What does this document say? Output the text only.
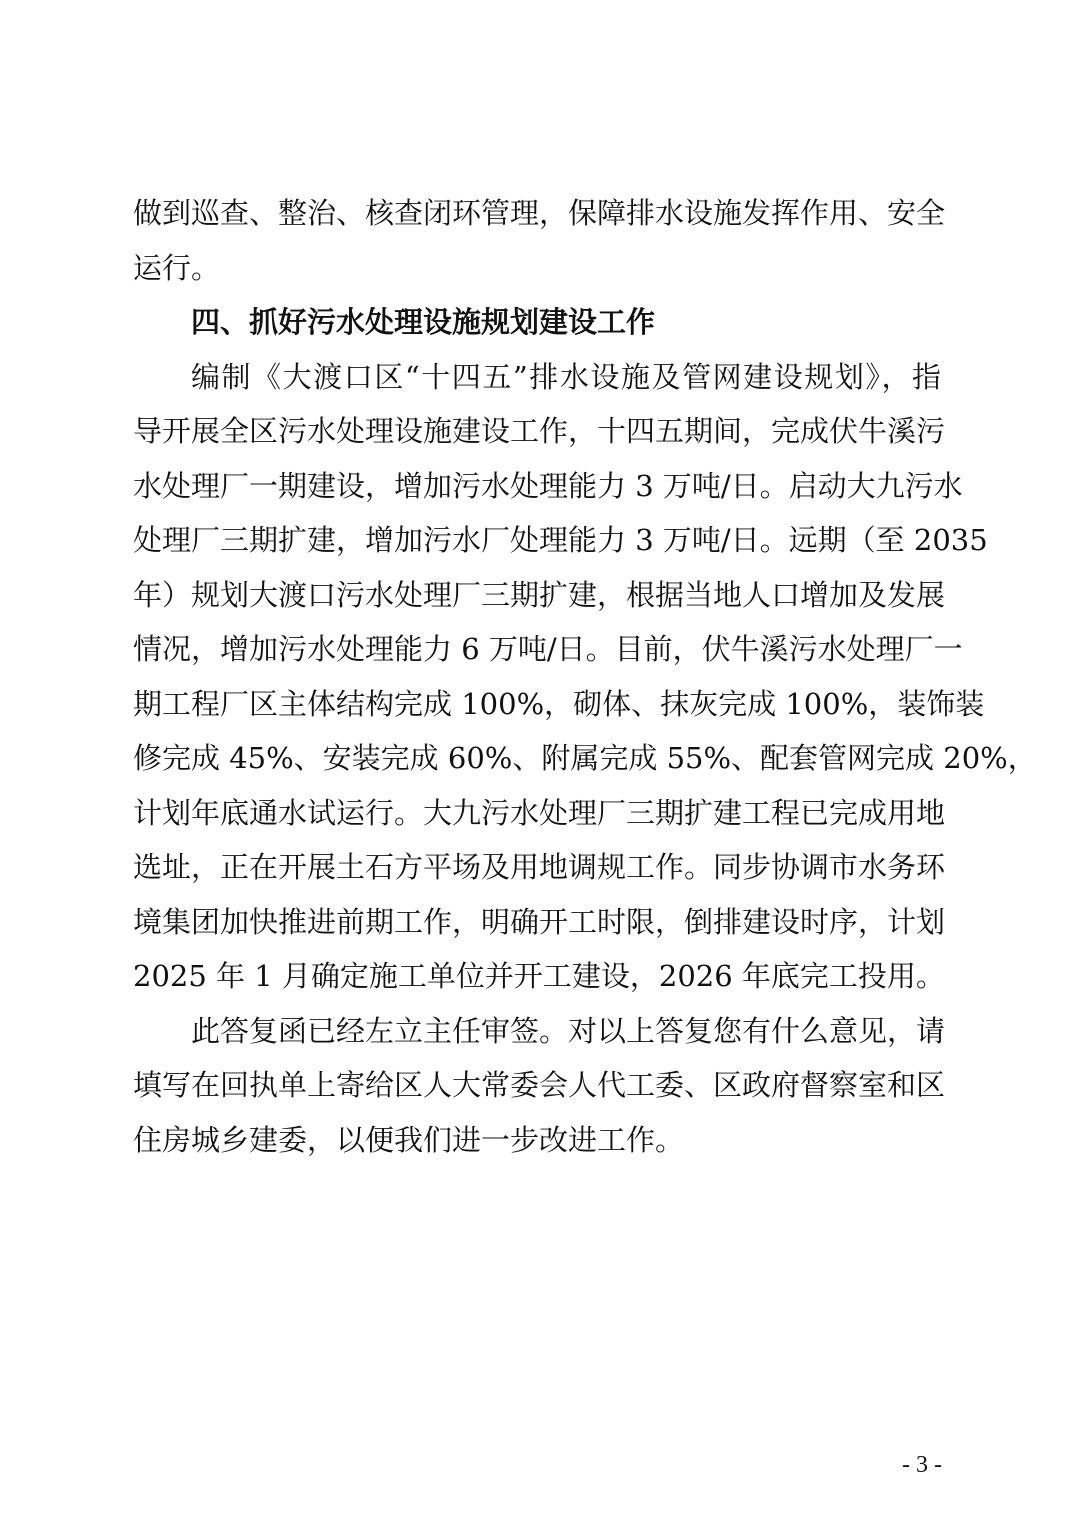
做到巡查、整治、核查闭环管理，保障排水设施发挥作用、安全
运行。
四、抓好污水处理设施规划建设工作
编制《大渡口区“十四五”排水设施及管网建设规划》，指
导开展全区污水处理设施建设工作，十四五期间，完成伏牛溪污
水处理厂一期建设，增加污水处理能力 3 万吨/日。启动大九污水
处理厂三期扩建，增加污水厂处理能力 3 万吨/日。远期（至 2035
年）规划大渡口污水处理厂三期扩建，根据当地人口增加及发展
情况，增加污水处理能力 6 万吨/日。目前，伏牛溪污水处理厂一
期工程厂区主体结构完成 100%，砌体、抹灰完成 100%，装饰装
修完成 45%、安装完成 60%、附属完成 55%、配套管网完成 20%，
计划年底通水试运行。大九污水处理厂三期扩建工程已完成用地
选址，正在开展土石方平场及用地调规工作。同步协调市水务环
境集团加快推进前期工作，明确开工时限，倒排建设时序，计划
2025 年 1 月确定施工单位并开工建设，2026 年底完工投用。
此答复函已经左立主任审签。对以上答复您有什么意见，请
填写在回执单上寄给区人大常委会人代工委、区政府督察室和区
住房城乡建委，以便我们进一步改进工作。
- 3 -
